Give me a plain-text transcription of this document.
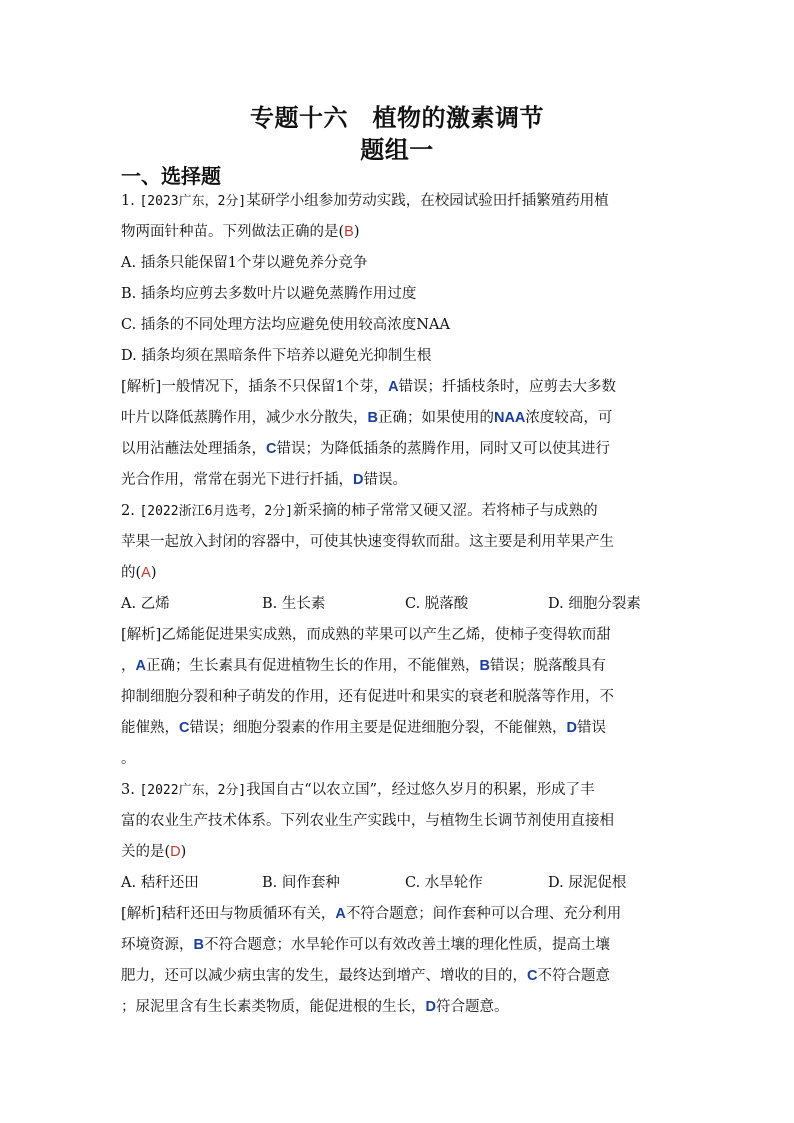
专题十六　植物的激素调节
题组一
一、选择题
1. [2023广东，2分]某研学小组参加劳动实践，在校园试验田扦插繁殖药用植
物两面针种苗。下列做法正确的是(B)
A. 插条只能保留1个芽以避免养分竞争
B. 插条均应剪去多数叶片以避免蒸腾作用过度
C. 插条的不同处理方法均应避免使用较高浓度NAA
D. 插条均须在黑暗条件下培养以避免光抑制生根
[解析]一般情况下，插条不只保留1个芽，A错误；扦插枝条时，应剪去大多数
叶片以降低蒸腾作用，减少水分散失，B正确；如果使用的NAA浓度较高，可
以用沾蘸法处理插条，C错误；为降低插条的蒸腾作用，同时又可以使其进行
光合作用，常常在弱光下进行扦插，D错误。
2. [2022浙江6月选考，2分]新采摘的柿子常常又硬又涩。若将柿子与成熟的
苹果一起放入封闭的容器中，可使其快速变得软而甜。这主要是利用苹果产生
的(A)
A. 乙烯	B. 生长素	C. 脱落酸	D. 细胞分裂素
[解析]乙烯能促进果实成熟，而成熟的苹果可以产生乙烯，使柿子变得软而甜
，A正确；生长素具有促进植物生长的作用，不能催熟，B错误；脱落酸具有
抑制细胞分裂和种子萌发的作用，还有促进叶和果实的衰老和脱落等作用，不
能催熟，C错误；细胞分裂素的作用主要是促进细胞分裂，不能催熟，D错误
。
3. [2022广东，2分]我国自古“以农立国”，经过悠久岁月的积累，形成了丰
富的农业生产技术体系。下列农业生产实践中，与植物生长调节剂使用直接相
关的是(D)
A. 秸秆还田	B. 间作套种	C. 水旱轮作	D. 尿泥促根
[解析]秸秆还田与物质循环有关，A不符合题意；间作套种可以合理、充分利用
环境资源，B不符合题意；水旱轮作可以有效改善土壤的理化性质，提高土壤
肥力，还可以减少病虫害的发生，最终达到增产、增收的目的，C不符合题意
；尿泥里含有生长素类物质，能促进根的生长，D符合题意。
